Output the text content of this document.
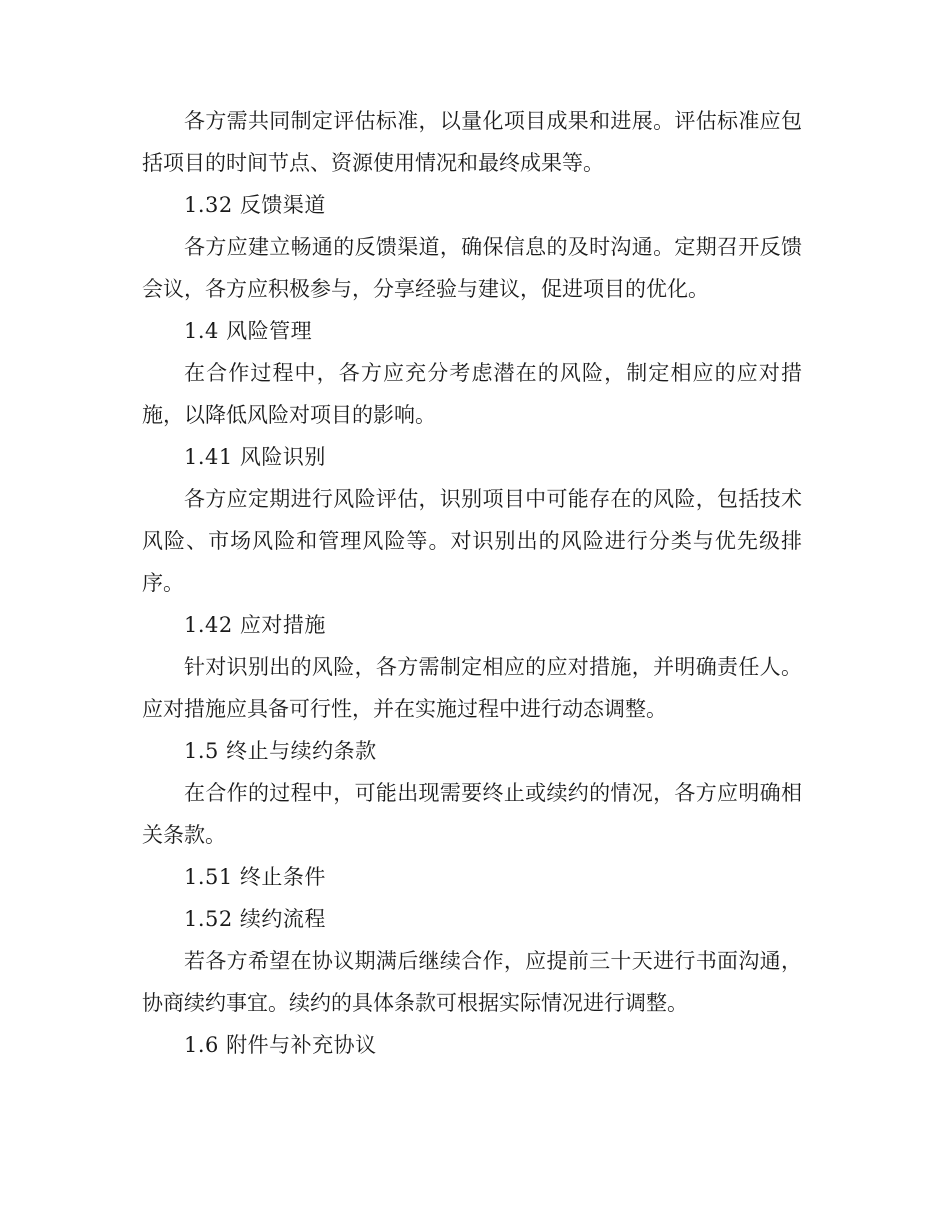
各方需共同制定评估标准，以量化项目成果和进展。评估标准应包括项目的时间节点、资源使用情况和最终成果等。

1.32 反馈渠道

各方应建立畅通的反馈渠道，确保信息的及时沟通。定期召开反馈会议，各方应积极参与，分享经验与建议，促进项目的优化。

1.4 风险管理

在合作过程中，各方应充分考虑潜在的风险，制定相应的应对措施，以降低风险对项目的影响。

1.41 风险识别

各方应定期进行风险评估，识别项目中可能存在的风险，包括技术风险、市场风险和管理风险等。对识别出的风险进行分类与优先级排序。

1.42 应对措施

针对识别出的风险，各方需制定相应的应对措施，并明确责任人。应对措施应具备可行性，并在实施过程中进行动态调整。

1.5 终止与续约条款

在合作的过程中，可能出现需要终止或续约的情况，各方应明确相关条款。

1.51 终止条件

1.52 续约流程

若各方希望在协议期满后继续合作，应提前三十天进行书面沟通，协商续约事宜。续约的具体条款可根据实际情况进行调整。

1.6 附件与补充协议
